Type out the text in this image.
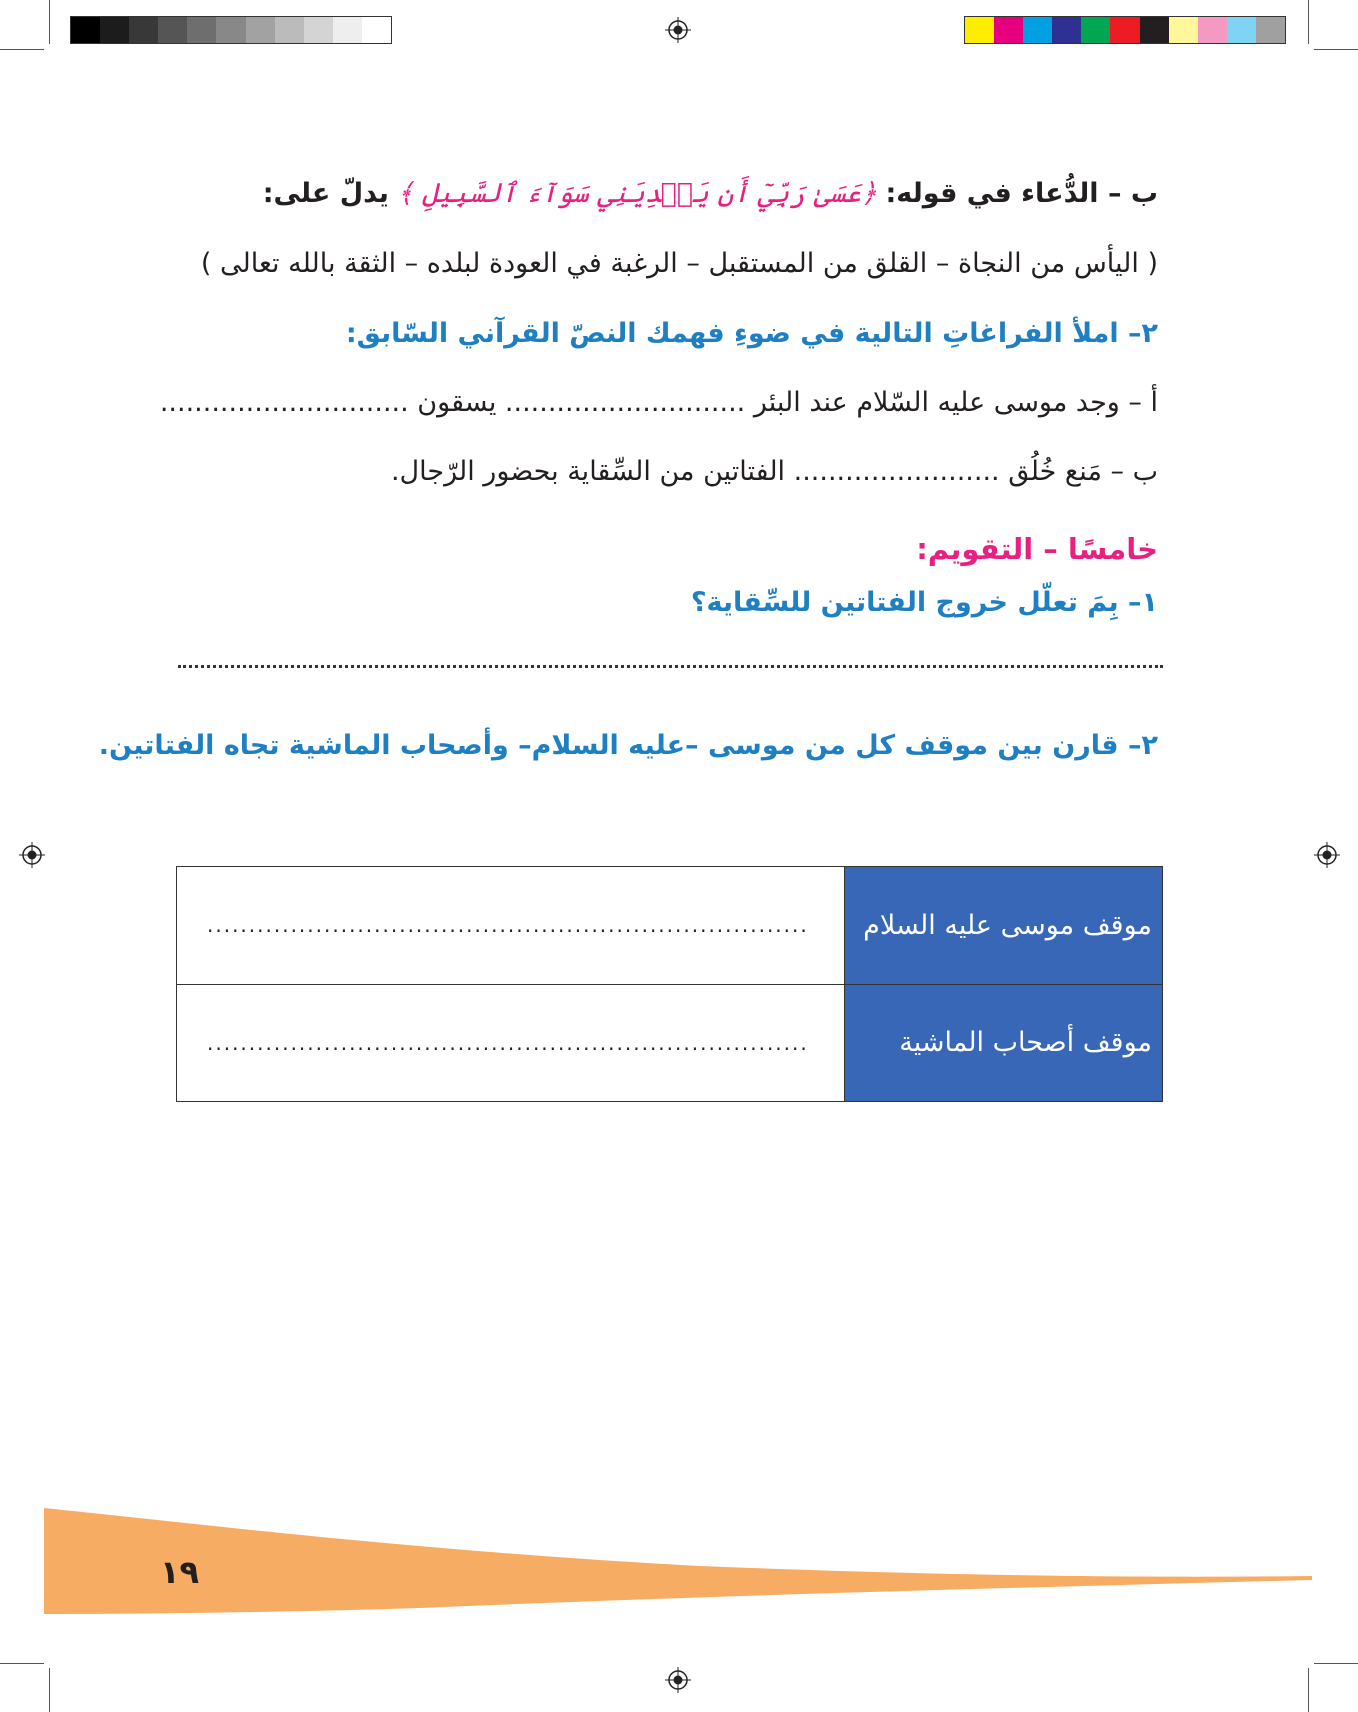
ب – الدُّعاء في قوله: ﴿عَسَىٰ رَبِّيٓ أَن يَهۡدِيَنِي سَوَآءَ ٱلسَّبِيلِ ﴾ يدلّ على:
( اليأس من النجاة – القلق من المستقبل – الرغبة في العودة لبلده – الثقة بالله تعالى )
٢– املأ الفراغاتِ التالية في ضوءِ فهمك النصّ القرآني السّابق:
أ – وجد موسى عليه السّلام عند البئر ............................ يسقون .............................
ب – مَنع خُلُق ........................ الفتاتين من السِّقاية بحضور الرّجال.
خامسًا – التقويم:
١– بِمَ تعلّل خروج الفتاتين للسِّقاية؟
٢– قارن بين موقف كل من موسى –عليه السلام– وأصحاب الماشية تجاه الفتاتين.
........................................................................	موقف موسى عليه السلام
........................................................................	موقف أصحاب الماشية
١٩
